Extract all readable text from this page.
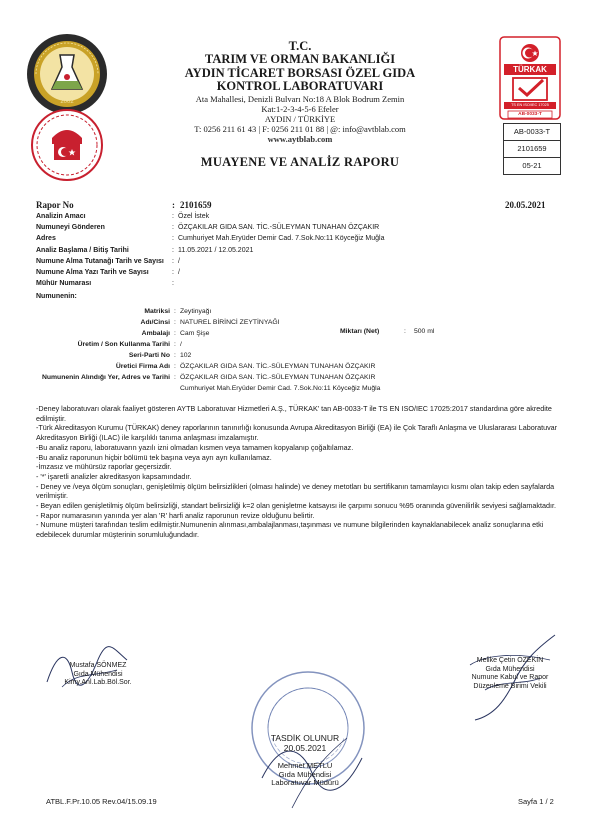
2002
T.C.
TARIM VE ORMAN BAKANLIĞI
AYDIN TİCARET BORSASI ÖZEL GIDA
KONTROL LABORATUVARI
Ata Mahallesi, Denizli Bulvarı No:18 A Blok Bodrum Zemin
Kat:1-2-3-4-5-6 Efeler
AYDIN / TÜRKİYE
T: 0256 211 61 43 | F: 0256 211 01 88 | @: info@avtblab.com
www.aytblab.com
TÜRKAK
TS EN ISO/IEC 17025
AB-0033-T
AB-0033-T
2101659
05-21
MUAYENE VE ANALİZ RAPORU
Rapor No	: 2101659	20.05.2021
Analizin Amacı	: Özel İstek
Numuneyi Gönderen	: ÖZÇAKILAR GIDA SAN. TİC.-SÜLEYMAN TUNAHAN ÖZÇAKIR
Adres	: Cumhuriyet Mah.Eryüder Demir Cad. 7.Sok.No:11 Köyceğiz Muğla
Analiz Başlama / Bitiş Tarihi	: 11.05.2021 / 12.05.2021
Numune Alma Tutanağı Tarih ve Sayısı : /
Numune Alma Yazı Tarih ve Sayısı	: /
Mühür Numarası	:
Numunenin:
Matriksi : Zeytinyağı
Adı/Cinsi : NATUREL BİRİNCİ ZEYTİNYAĞI
Ambalajı : Cam Şişe	Miktarı (Net)	: 500 ml
Üretim / Son Kullanma Tarihi : /
Seri-Parti No : 102
Üretici Firma Adı : ÖZÇAKILAR GIDA SAN. TİC.-SÜLEYMAN TUNAHAN ÖZÇAKIR
Numunenin Alındığı Yer, Adres ve Tarihi : ÖZÇAKILAR GIDA SAN. TİC.-SÜLEYMAN TUNAHAN ÖZÇAKIR
Cumhuriyet Mah.Eryüder Demir Cad. 7.Sok.No:11 Köyceğiz Muğla

-Deney laboratuvarı olarak faaliyet gösteren AYTB Laboratuvar Hizmetleri A.Ş., TÜRKAK' tan AB-0033-T ile TS EN ISO/IEC 17025:2017 standardına göre akredite edilmiştir.

-Türk Akreditasyon Kurumu (TÜRKAK) deney raporlarının tanınırlığı konusunda Avrupa Akreditasyon Birliği (EA) ile Çok Taraflı Anlaşma ve Uluslararası Laboratuvar Akreditasyon Birliği (ILAC) ile karşılıklı tanıma anlaşması imzalamıştır.

-Bu analiz raporu, laboratuvarın yazılı izni olmadan kısmen veya tamamen kopyalanıp çoğaltılamaz.

-Bu analiz raporunun hiçbir bölümü tek başına veya ayrı ayrı kullanılamaz.

-İmzasız ve mühürsüz raporlar geçersizdir.

- '*' işaretli analizler akreditasyon kapsamındadır.

- Deney ve /veya ölçüm sonuçları, genişletilmiş ölçüm belirsizlikleri (olması halinde) ve deney metotları bu sertifikanın tamamlayıcı kısmı olan takip eden sayfalarda verilmiştir.

- Beyan edilen genişletilmiş ölçüm belirsizliği, standart belirsizliği k=2 olan genişletme katsayısı ile çarpımı sonucu %95 oranında güvenilirlik seviyesi sağlamaktadır.

- Rapor numarasının yanında yer alan 'R' harfi analiz raporunun revize olduğunu belirtir.

- Numune müşteri tarafından teslim edilmiştir.Numunenin alınması,ambalajlanması,taşınması ve numune bilgilerinden kaynaklanabilecek analiz sonuçlarına etki edebilecek durumlar müşterinin sorumluluğundadır.

Mustafa SÖNMEZ
Gıda Mühendisi
Kimy.Anl.Lab.Böl.Sor.
Melike Çetin ÖZEKİN
Gıda Mühendisi
Numune Kabul ve Rapor
Düzenleme Birimi Vekili
TASDİK OLUNUR
20.05.2021
Mehmet METLU
Gıda Mühendisi
Laboratuvar Müdürü
ATBL.F.Pr.10.05 Rev.04/15.09.19	Sayfa 1 / 2
